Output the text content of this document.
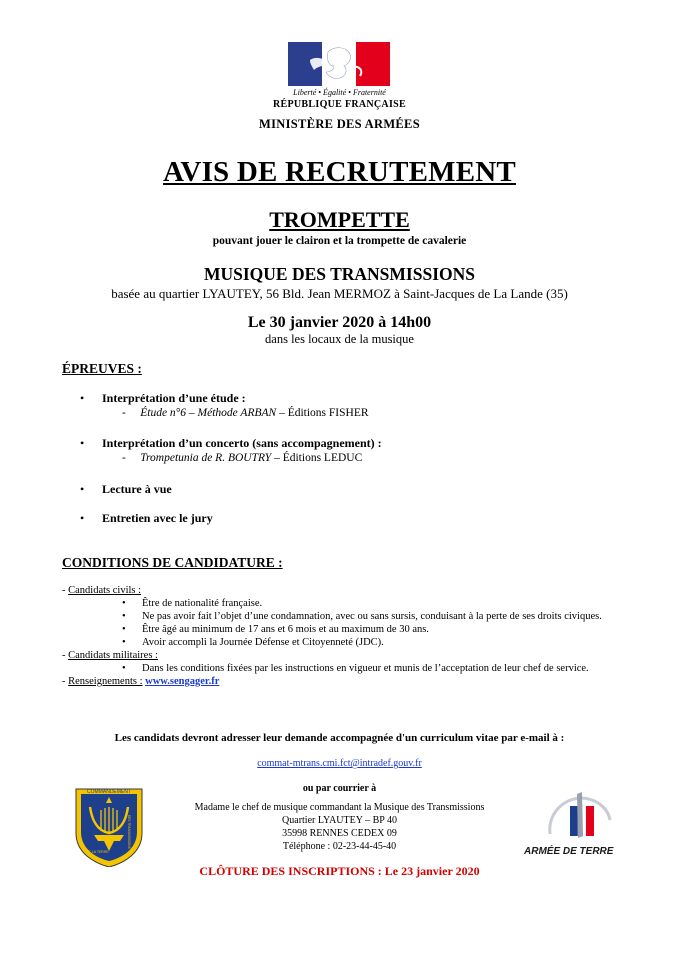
Liberté • Égalité • Fraternité
RÉPUBLIQUE FRANÇAISE
MINISTÈRE DES ARMÉES
AVIS DE RECRUTEMENT
TROMPETTE
pouvant jouer le clairon et la trompette de cavalerie
MUSIQUE DES TRANSMISSIONS
basée au quartier LYAUTEY, 56 Bld. Jean MERMOZ à Saint-Jacques de La Lande (35)
Le 30 janvier 2020 à 14h00
dans les locaux de la musique
ÉPREUVES :
• Interprétation d’une étude :
- Étude n°6 – Méthode ARBAN – Éditions FISHER
• Interprétation d’un concerto (sans accompagnement) :
- Trompetunia de R. BOUTRY – Éditions LEDUC
• Lecture à vue
• Entretien avec le jury
CONDITIONS DE CANDIDATURE :
- Candidats civils :
• Être de nationalité française.
• Ne pas avoir fait l’objet d’une condamnation, avec ou sans sursis, conduisant à la perte de ses droits civiques.
• Être âgé au minimum de 17 ans et 6 mois et au maximum de 30 ans.
• Avoir accompli la Journée Défense et Citoyenneté (JDC).
- Candidats militaires :
• Dans les conditions fixées par les instructions en vigueur et munis de l’acceptation de leur chef de service.
- Renseignements : www.sengager.fr
Les candidats devront adresser leur demande accompagnée d'un curriculum vitae par e-mail à :
commat-mtrans.cmi.fct@intradef.gouv.fr
ou par courrier à
Madame le chef de musique commandant la Musique des Transmissions
Quartier LYAUTEY – BP 40
35998 RENNES CEDEX 09
Téléphone : 02-23-44-45-40
CLÔTURE DES INSCRIPTIONS : Le 23 janvier 2020
COMMANDEMENT
DE LA TERRE
DES TRANSMISSIONS
ARMÉE DE TERRE
